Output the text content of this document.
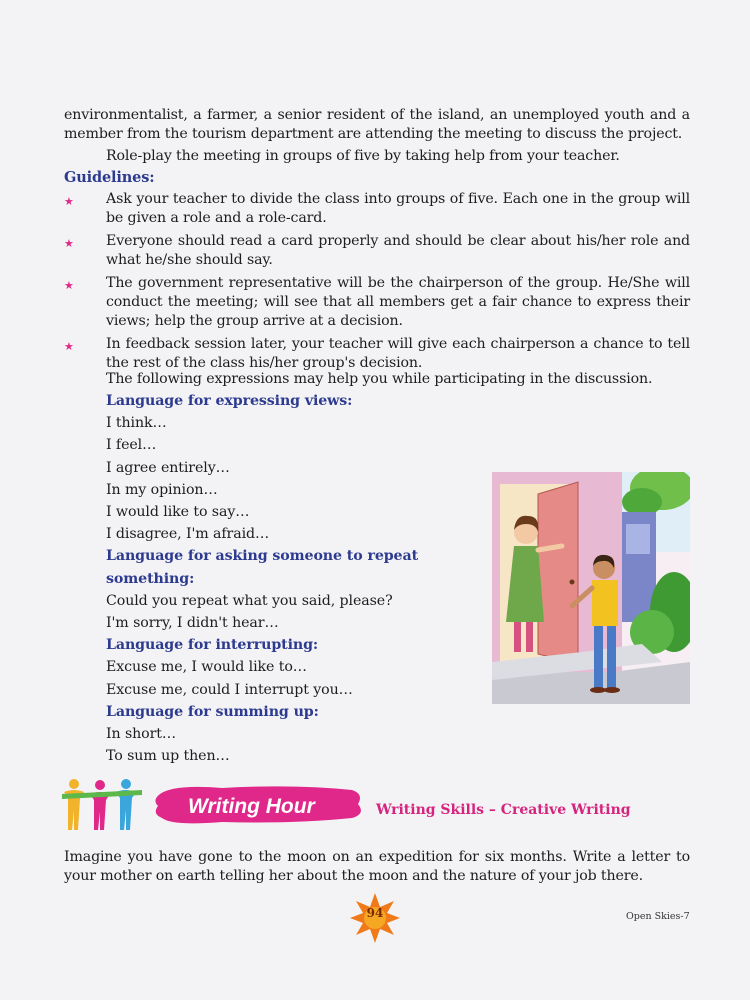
environmentalist, a farmer, a senior resident of the island, an unemployed youth and a member from the tourism department are attending the meeting to discuss the project.
Role-play the meeting in groups of five by taking help from your teacher.
Guidelines:
★ Ask your teacher to divide the class into groups of five. Each one in the group will be given a role and a role-card.
★ Everyone should read a card properly and should be clear about his/her role and what he/she should say.
★ The government representative will be the chairperson of the group. He/She will conduct the meeting; will see that all members get a fair chance to express their views; help the group arrive at a decision.
★ In feedback session later, your teacher will give each chairperson a chance to tell the rest of the class his/her group's decision.
The following expressions may help you while participating in the discussion.
Language for expressing views:
I think…
I feel…
I agree entirely…
In my opinion…
I would like to say…
I disagree, I'm afraid…
Language for asking someone to repeat something:
Could you repeat what you said, please?
I'm sorry, I didn't hear…
Language for interrupting:
Excuse me, I would like to…
Excuse me, could I interrupt you…
Language for summing up:
In short…
To sum up then…
Writing Hour	Writing Skills – Creative Writing
Imagine you have gone to the moon on an expedition for six months. Write a letter to your mother on earth telling her about the moon and the nature of your job there.
94	Open Skies-7
